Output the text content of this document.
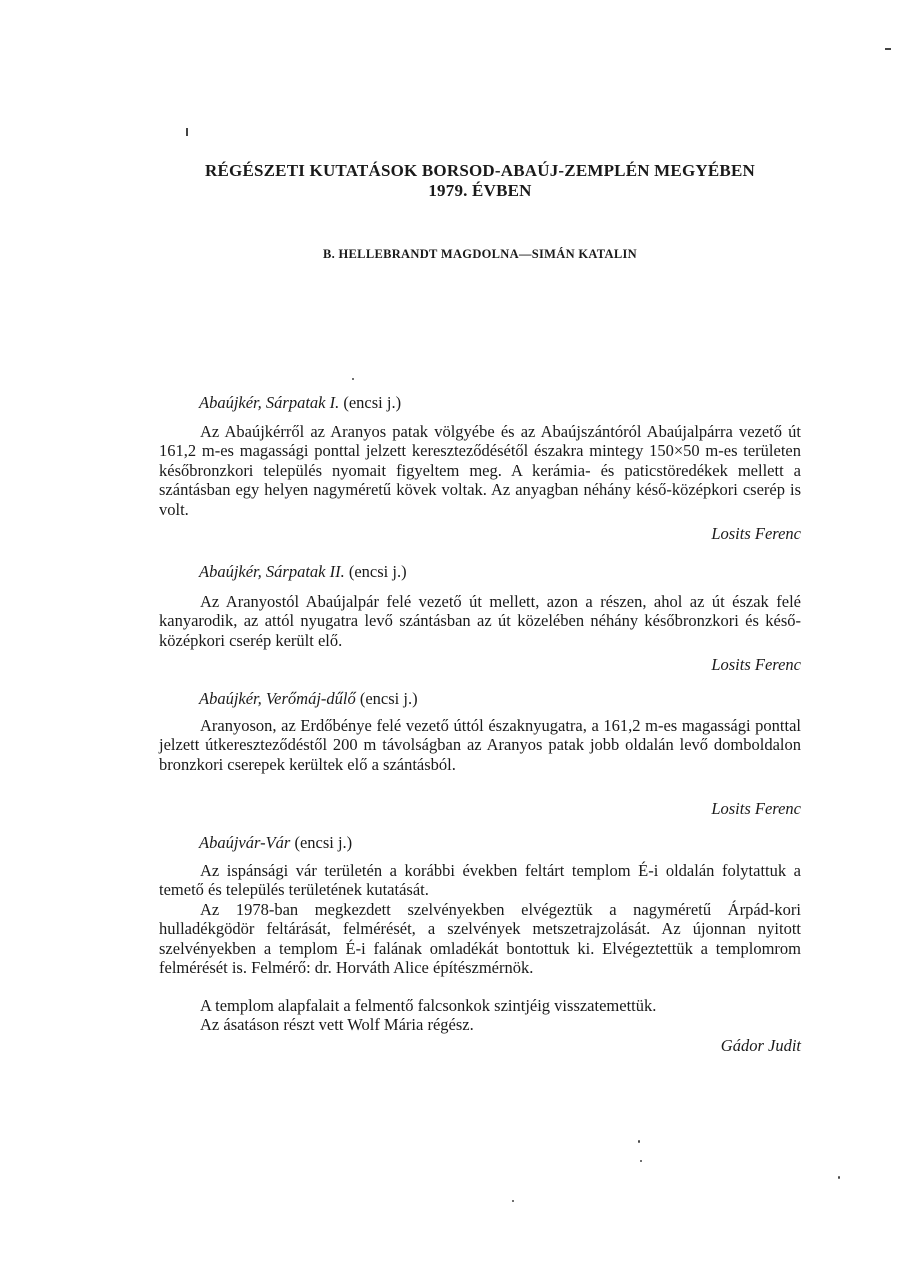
RÉGÉSZETI KUTATÁSOK BORSOD-ABAÚJ-ZEMPLÉN MEGYÉBEN
1979. ÉVBEN
B. HELLEBRANDT MAGDOLNA—SIMÁN KATALIN
Abaújkér, Sárpatak I. (encsi j.)
Az Abaújkérről az Aranyos patak völgyébe és az Abaújszántóról Abaújalpárra vezető út 161,2 m-es magassági ponttal jelzett kereszteződésétől északra mintegy 150×50 m-es területen későbronzkori település nyomait figyeltem meg. A kerámia- és paticstöredékek mellett a szántásban egy helyen nagyméretű kövek voltak. Az anyagban néhány késő-középkori cserép is volt.
Losits Ferenc
Abaújkér, Sárpatak II. (encsi j.)
Az Aranyostól Abaújalpár felé vezető út mellett, azon a részen, ahol az út észak felé kanyarodik, az attól nyugatra levő szántásban az út közelében néhány későbronzkori és késő-középkori cserép került elő.
Losits Ferenc
Abaújkér, Verőmáj-dűlő (encsi j.)
Aranyoson, az Erdőbénye felé vezető úttól északnyugatra, a 161,2 m-es magassági ponttal jelzett útkereszteződéstől 200 m távolságban az Aranyos patak jobb oldalán levő domboldalon bronzkori cserepek kerültek elő a szántásból.
Losits Ferenc
Abaújvár-Vár (encsi j.)
Az ispánsági vár területén a korábbi években feltárt templom É-i oldalán folytattuk a temető és település területének kutatását.
Az 1978-ban megkezdett szelvényekben elvégeztük a nagyméretű Árpád-kori hulladékgödör feltárását, felmérését, a szelvények metszetrajzolását. Az újonnan nyitott szelvényekben a templom É-i falának omladékát bontottuk ki. Elvégeztettük a templomrom felmérését is. Felmérő: dr. Horváth Alice építészmérnök.
A templom alapfalait a felmentő falcsonkok szintjéig visszatemettük.
Az ásatáson részt vett Wolf Mária régész.
Gádor Judit
